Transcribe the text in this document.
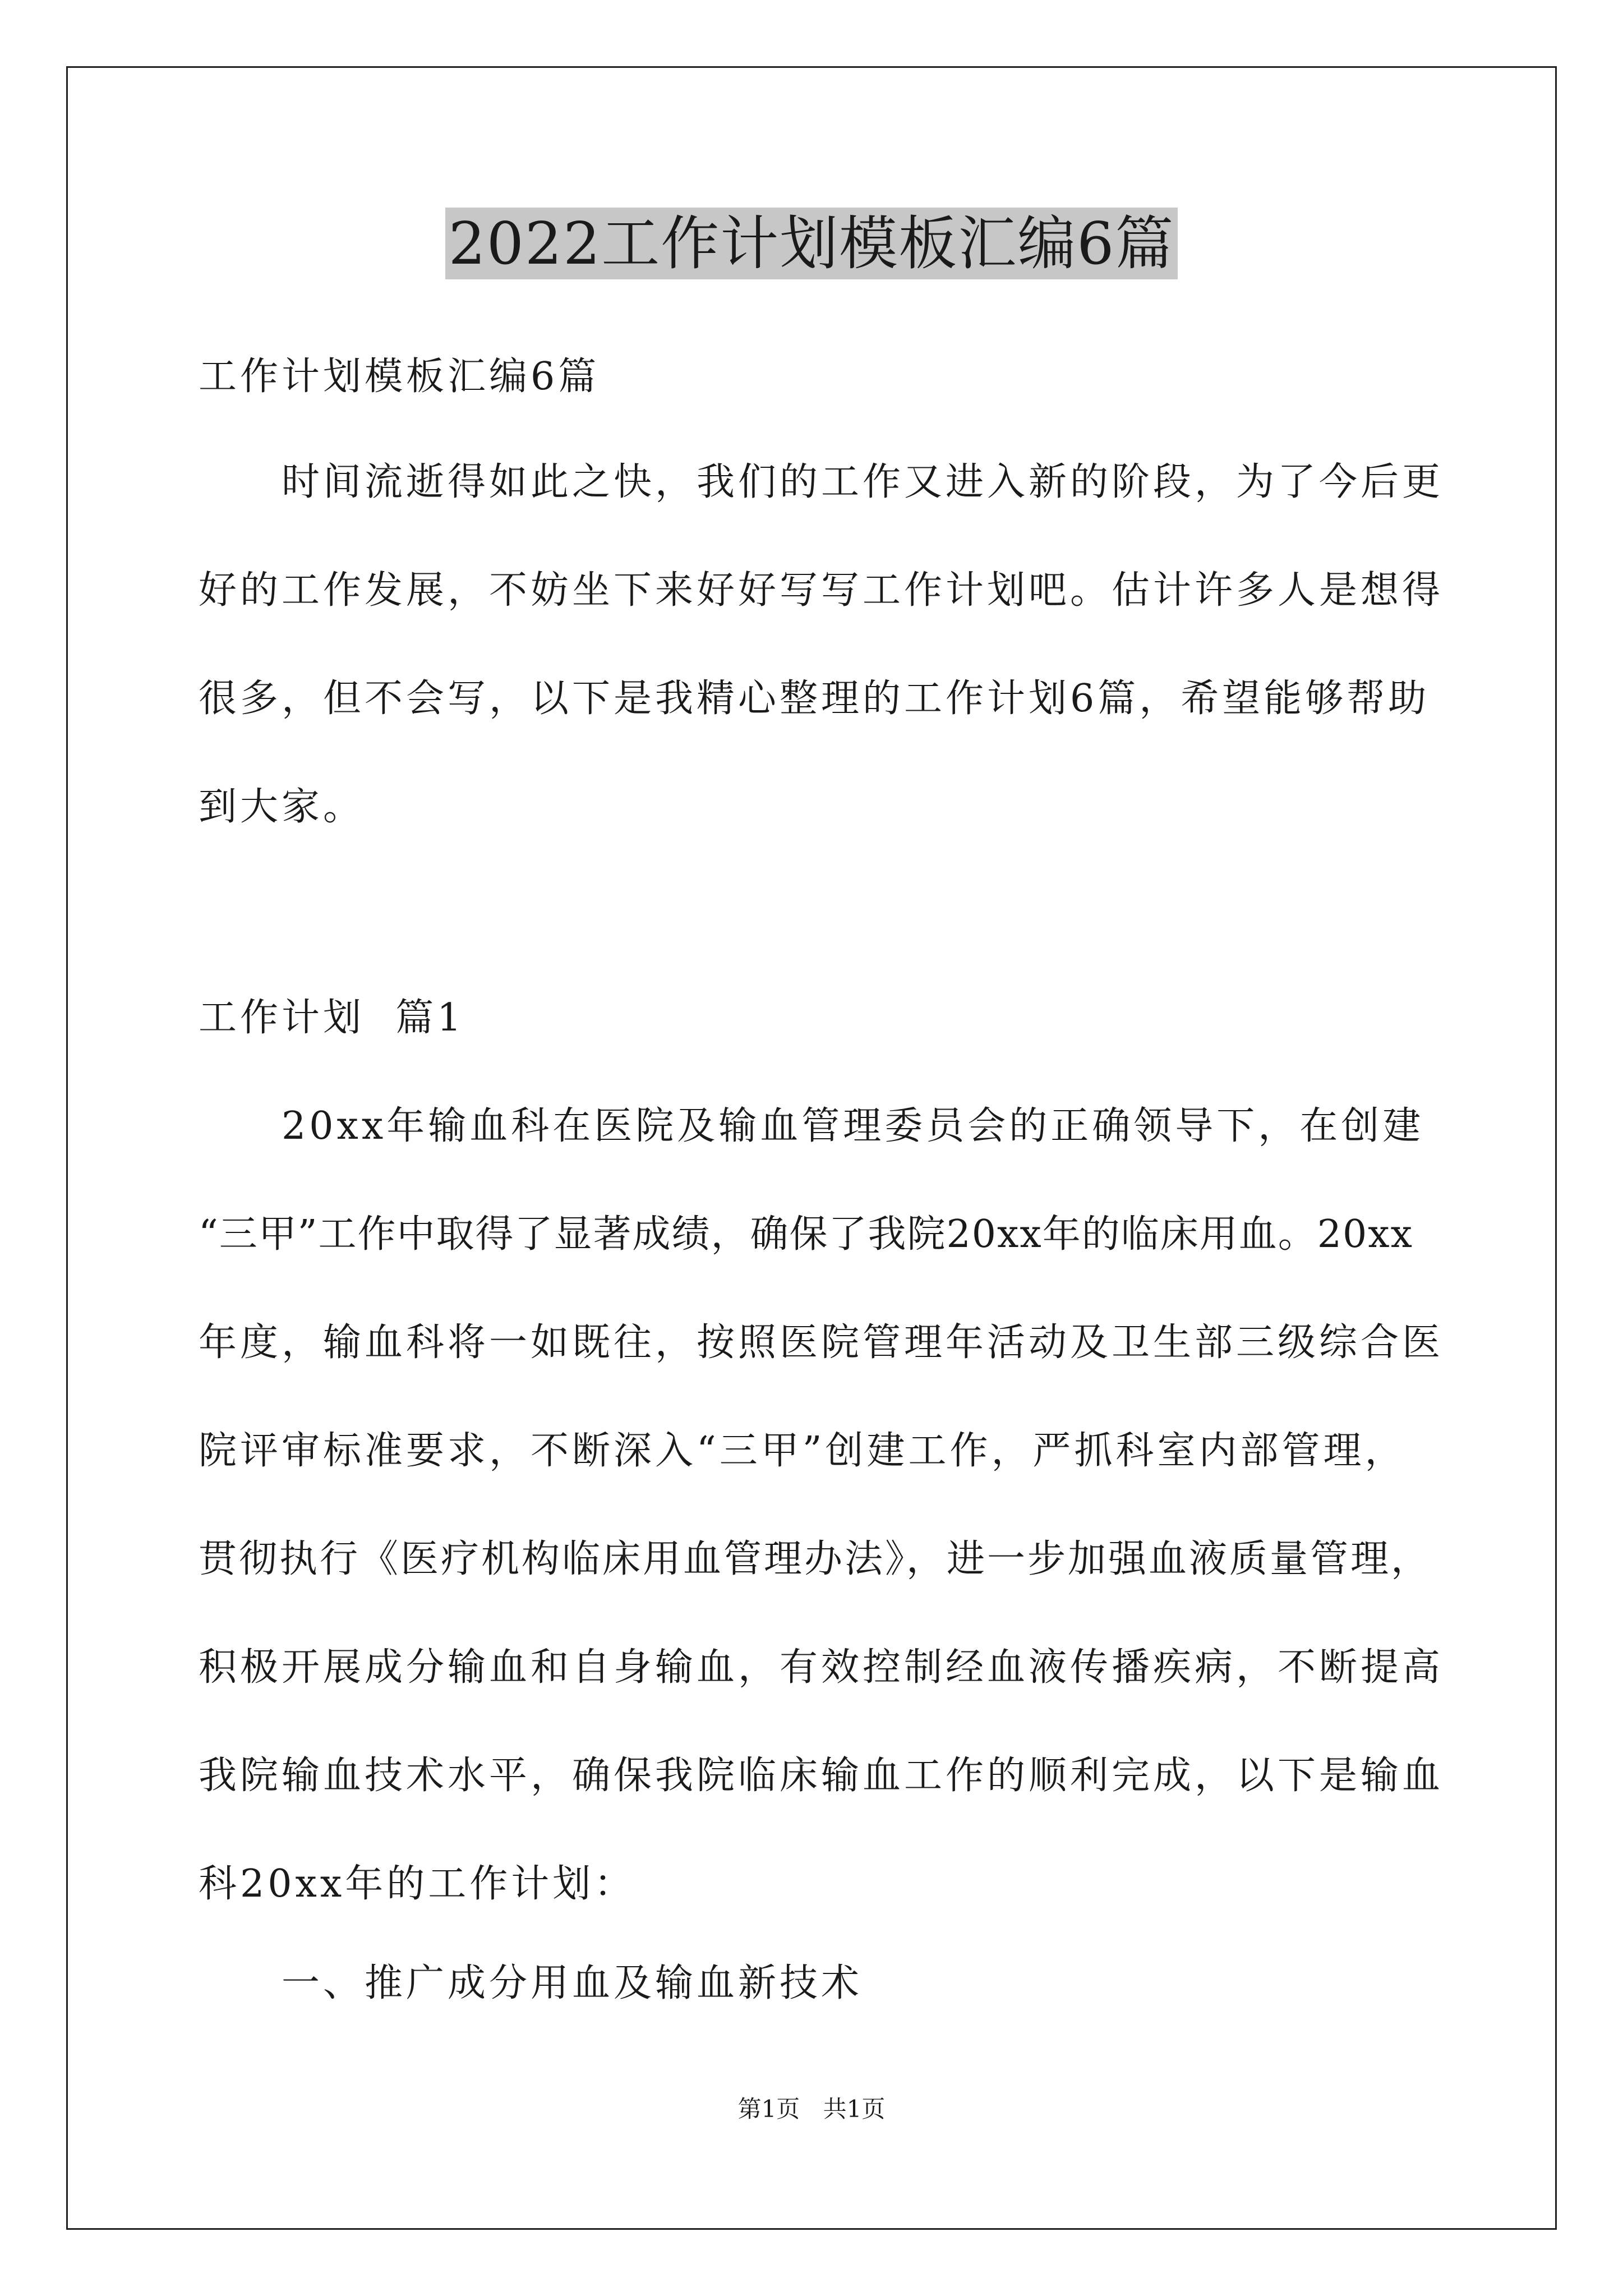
2022工作计划模板汇编6篇
工作计划模板汇编6篇
时间流逝得如此之快，我们的工作又进入新的阶段，为了今后更
好的工作发展，不妨坐下来好好写写工作计划吧。估计许多人是想得
很多，但不会写，以下是我精心整理的工作计划6篇，希望能够帮助
到大家。
工作计划  篇1
20xx年输血科在医院及输血管理委员会的正确领导下，在创建
“三甲”工作中取得了显著成绩，确保了我院20xx年的临床用血。20xx
年度，输血科将一如既往，按照医院管理年活动及卫生部三级综合医
院评审标准要求，不断深入“三甲”创建工作，严抓科室内部管理，
贯彻执行《医疗机构临床用血管理办法》，进一步加强血液质量管理，
积极开展成分输血和自身输血，有效控制经血液传播疾病，不断提高
我院输血技术水平，确保我院临床输血工作的顺利完成，以下是输血
科20xx年的工作计划：
一、推广成分用血及输血新技术
第1页 共1页
